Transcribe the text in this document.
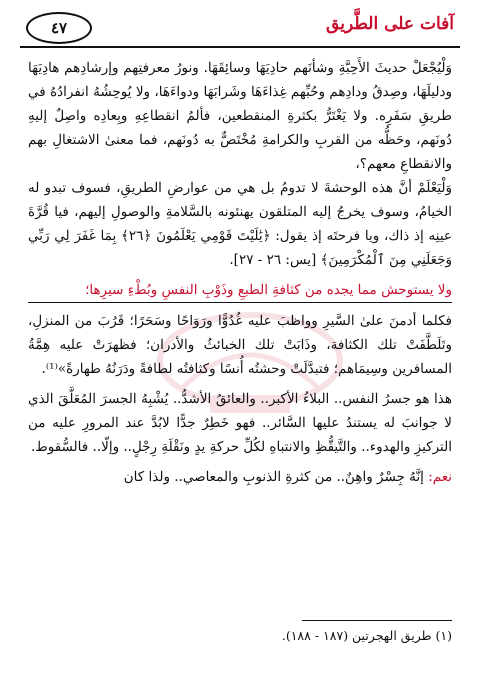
آفات على الطَّريق
٤٧

وَلْيُجْعَلْ حديثَ الأَحِبَّةِ وشأنَهم حادِيَهَا وسائِقَهَا. ونورُ معرفتِهم وإرشادِهم هادِيَهَا ودليلَهَا، وصِدقُ ودادِهم وحُبِّهم غِذاءَهَا وشَرابَهَا ودواءَهَا، ولا يُوحِشُهُ انفرادُهُ في طريقِ سَفَرِه. ولا يَغْتَرُّ بكثرةِ المنقطعين، فألمُ انقطاعِهِ وبِعادِه واصِلٌ إليهِ دُونَهم، وحَظُّه من القربِ والكرامةِ مُخْتَصٌّ به دُونَهم، فما معنىٰ الاشتغالِ بهم والانقطاعِ معهم؟،

وَلْيَعْلَمْ أنَّ هذه الوحشةَ لا تدومُ بل هي من عوارضِ الطريقِ، فسوف تبدو له الخيامُ، وسوف يخرجُ إليه المتلقون يهنئونه بالسَّلامةِ والوصولِ إليهم، فيا قُرَّةَ عينِه إذ ذاك، ويا فرحتَه إذ يقول: ﴿يَٰلَيْتَ قَوْمِي يَعْلَمُونَ ﴿٢٦﴾ بِمَا غَفَرَ لِي رَبِّي وَجَعَلَنِي مِنَ ٱلْمُكْرَمِينَ﴾ [يس: ٢٦ - ٢٧].

ولا يستوحش مما يجده من كثافةِ الطبعِ وذَوْبِ النفسِ وبُطْءِ سيرِها؛

فكلما أدمنَ علىٰ السَّيرِ وواظبَ عليه غُدُوًّا ورَوَاحًا وسَحَرًا؛ قَرُبَ من المنزلِ، وتَلَطَّفَتْ تلك الكثافة، وذَابَتْ تلك الخبائثُ والأدران؛ فظهرَتْ عليه هِمَّةُ المسافرين وسِيمَاهم؛ فتبدَّلَتْ وحشتُه أُنسًا وكثافتُه لطافةً ودَرَنُهُ طهارةً»⁽¹⁾.

هذا هو جسرُ النفس.. البلاءُ الأكبر.. والعائقُ الأشدُّ.. يُشْبِهُ الجسرَ المُعَلَّقَ الذي لا جوانبَ له يستندُ عليها السَّائر.. فهو خَطِرٌ جدًّا لابُدَّ عند المرورِ عليه من التركيزِ والهدوء.. والتَّيقُّظِ والانتباهِ لكُلِّ حركةِ يدٍ ونَقْلَةِ رِجْلٍ.. وإلّا.. فالسُّقوط.

نعم: إنَّهُ جِسْرٌ واهِنٌ.. من كثرةِ الذنوبِ والمعاصي.. ولذا كان

(١) طريق الهجرتين (١٨٧ - ١٨٨).
